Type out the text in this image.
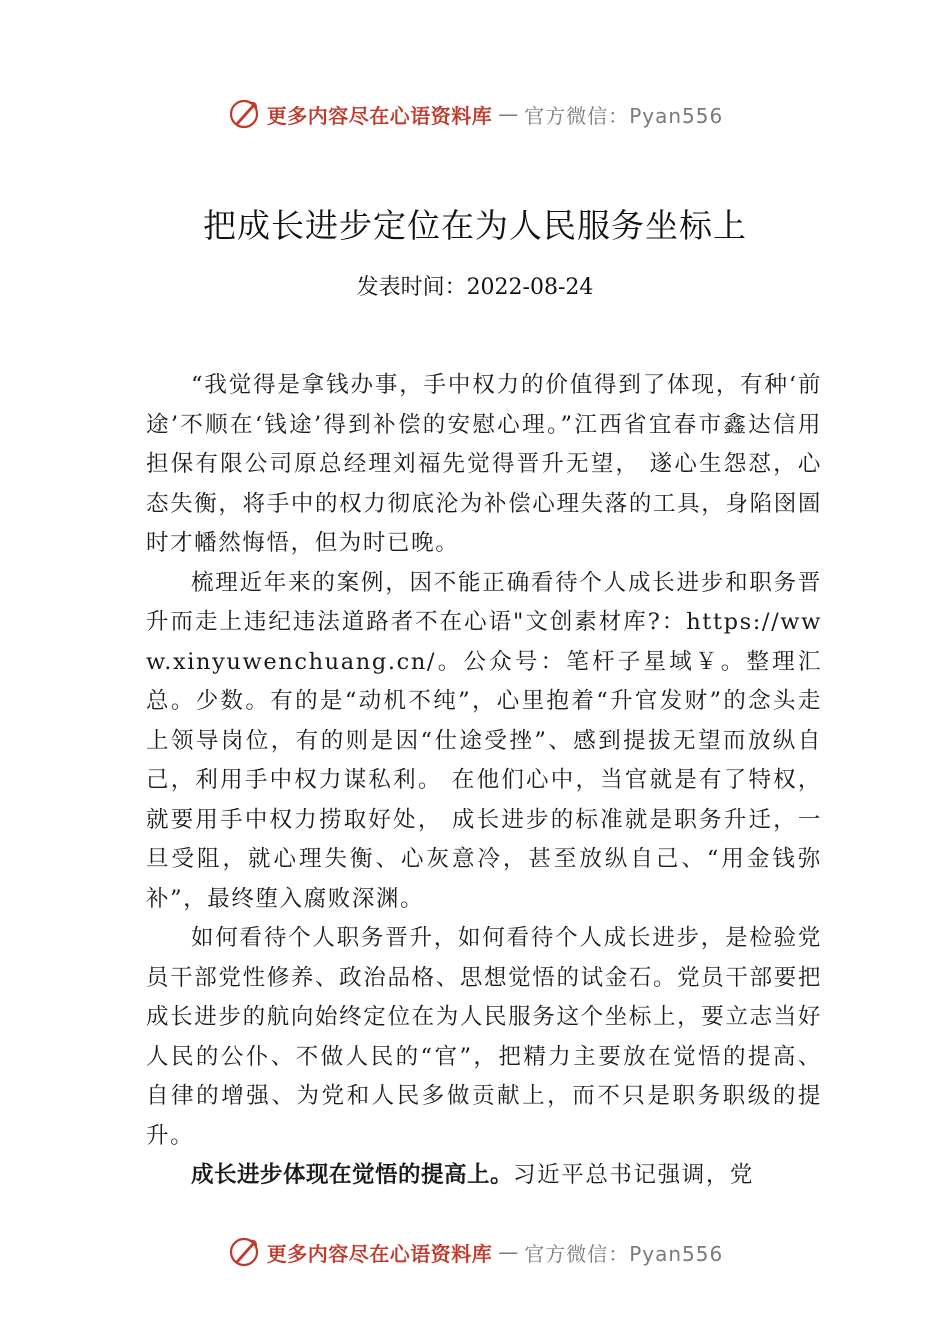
更多内容尽在心语资料库 — 官方微信：Pyan556
把成长进步定位在为人民服务坐标上
发表时间：2022-08-24

“我觉得是拿钱办事，手中权力的价值得到了体现，有种‘前途’不顺在‘钱途’得到补偿的安慰心理。”江西省宜春市鑫达信用担保有限公司原总经理刘福先觉得晋升无望， 遂心生怨怼，心态失衡，将手中的权力彻底沦为补偿心理失落的工具，身陷囹圄时才幡然悔悟，但为时已晚。

梳理近年来的案例，因不能正确看待个人成长进步和职务晋升而走上违纪违法道路者不在心语"文创素材库?：https://www.xinyuwenchuang.cn/。公众号：笔杆子星域￥。整理汇总。少数。有的是“动机不纯”，心里抱着“升官发财”的念头走上领导岗位，有的则是因“仕途受挫”、感到提拔无望而放纵自己，利用手中权力谋私利。 在他们心中，当官就是有了特权，就要用手中权力捞取好处， 成长进步的标准就是职务升迁，一旦受阻，就心理失衡、心灰意冷，甚至放纵自己、“用金钱弥补”，最终堕入腐败深渊。

如何看待个人职务晋升，如何看待个人成长进步，是检验党员干部党性修养、政治品格、思想觉悟的试金石。党员干部要把成长进步的航向始终定位在为人民服务这个坐标上，要立志当好人民的公仆、不做人民的“官”，把精力主要放在觉悟的提高、自律的增强、为党和人民多做贡献上，而不只是职务职级的提升。

成长进步体现在觉悟的提高上。习近平总书记强调，党

更多内容尽在心语资料库 — 官方微信：Pyan556
